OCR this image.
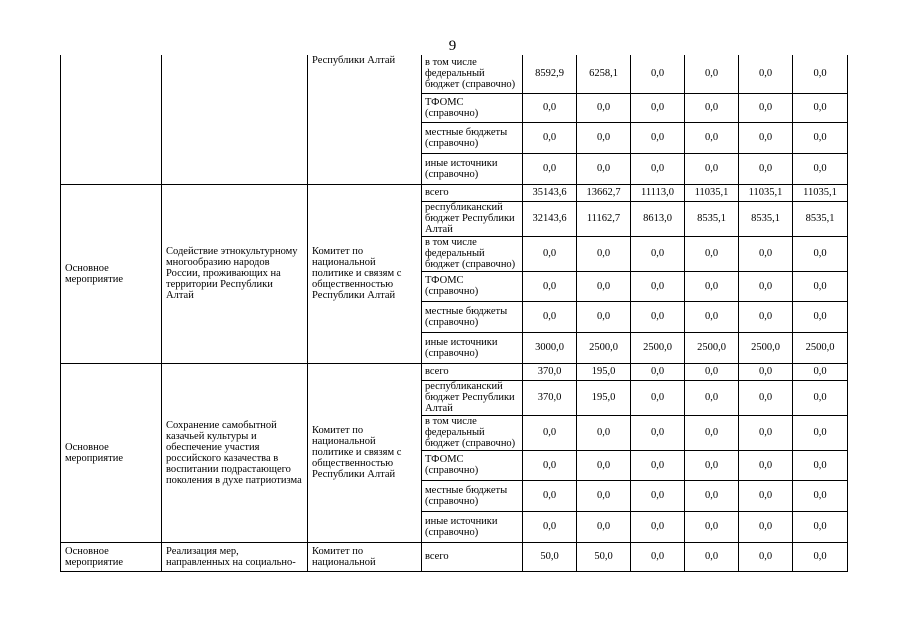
9
		Республики Алтай	в том числе федеральный бюджет (справочно)	8592,9	6258,1	0,0	0,0	0,0	0,0
			ТФОМС (справочно)	0,0	0,0	0,0	0,0	0,0	0,0
			местные бюджеты (справочно)	0,0	0,0	0,0	0,0	0,0	0,0
			иные источники (справочно)	0,0	0,0	0,0	0,0	0,0	0,0
Основное мероприятие	Содействие этнокультурному многообразию народов России, проживающих на территории Республики Алтай	Комитет по национальной политике и связям с общественностью Республики Алтай	всего	35143,6	13662,7	11113,0	11035,1	11035,1	11035,1
			республиканский бюджет Республики Алтай	32143,6	11162,7	8613,0	8535,1	8535,1	8535,1
			в том числе федеральный бюджет (справочно)	0,0	0,0	0,0	0,0	0,0	0,0
			ТФОМС (справочно)	0,0	0,0	0,0	0,0	0,0	0,0
			местные бюджеты (справочно)	0,0	0,0	0,0	0,0	0,0	0,0
			иные источники (справочно)	3000,0	2500,0	2500,0	2500,0	2500,0	2500,0
Основное мероприятие	Сохранение самобытной казачьей культуры и обеспечение участия российского казачества в воспитании подрастающего поколения в духе патриотизма	Комитет по национальной политике и связям с общественностью Республики Алтай	всего	370,0	195,0	0,0	0,0	0,0	0,0
			республиканский бюджет Республики Алтай	370,0	195,0	0,0	0,0	0,0	0,0
			в том числе федеральный бюджет (справочно)	0,0	0,0	0,0	0,0	0,0	0,0
			ТФОМС (справочно)	0,0	0,0	0,0	0,0	0,0	0,0
			местные бюджеты (справочно)	0,0	0,0	0,0	0,0	0,0	0,0
			иные источники (справочно)	0,0	0,0	0,0	0,0	0,0	0,0
Основное мероприятие	Реализация мер, направленных на социально-	Комитет по национальной	всего	50,0	50,0	0,0	0,0	0,0	0,0
